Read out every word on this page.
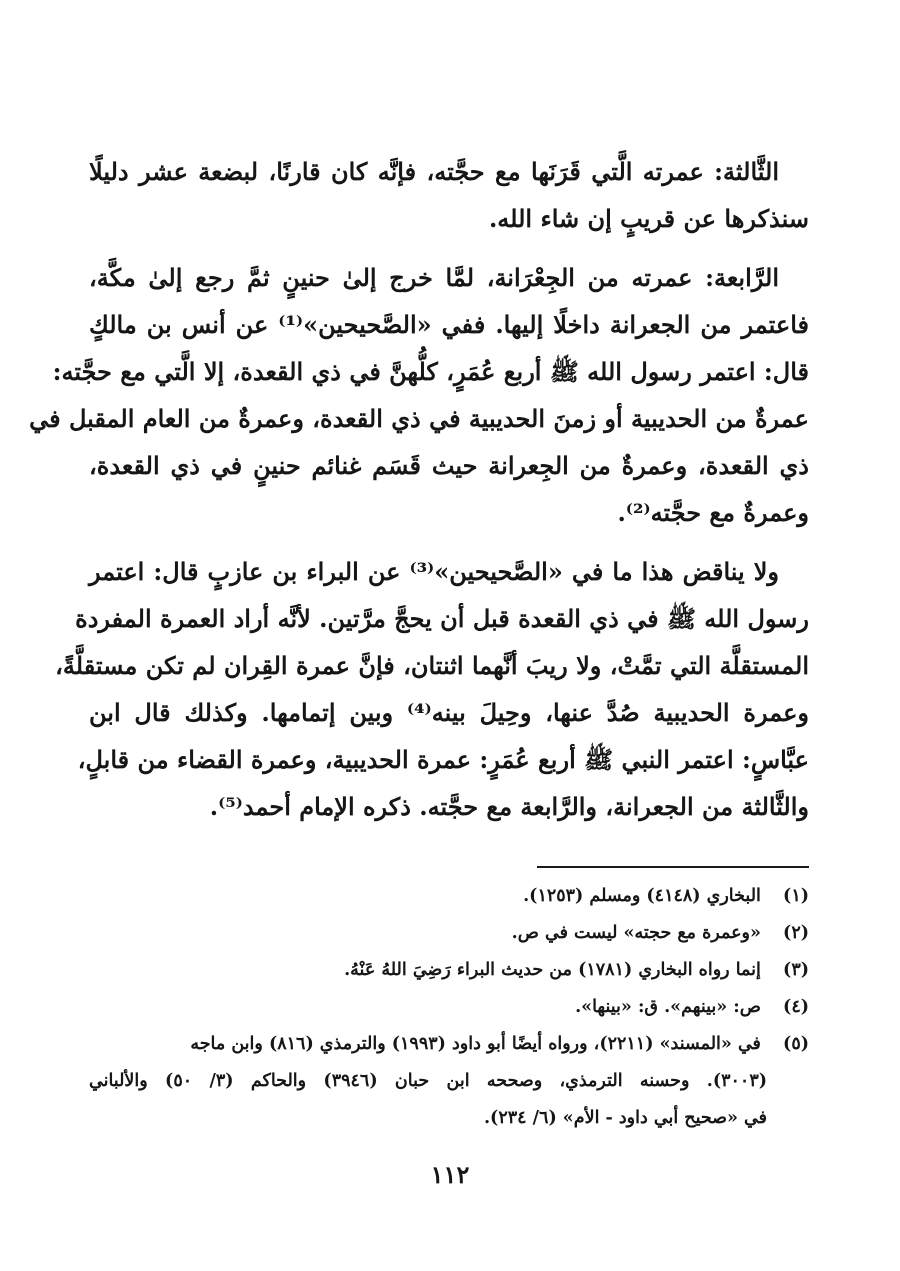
الثَّالثة: عمرته الَّتي قَرَنَها مع حجَّته، فإنَّه كان قارنًا، لبضعة عشر دليلًا
سنذكرها عن قريبٍ إن شاء الله.
الرَّابعة: عمرته من الجِعْرَانة، لمَّا خرج إلىٰ حنينٍ ثمَّ رجع إلىٰ مكَّة،
فاعتمر من الجعرانة داخلًا إليها. ففي «الصَّحيحين»⁽¹⁾ عن أنس بن مالكٍ
قال: اعتمر رسول الله ﷺ أربع عُمَرٍ، كلُّهنَّ في ذي القعدة، إلا الَّتي مع حجَّته:
عمرةٌ من الحديبية أو زمنَ الحديبية في ذي القعدة، وعمرةٌ من العام المقبل في
ذي القعدة، وعمرةٌ من الجِعرانة حيث قَسَم غنائم حنينٍ في ذي القعدة،
وعمرةٌ مع حجَّته⁽²⁾.
ولا يناقض هذا ما في «الصَّحيحين»⁽³⁾ عن البراء بن عازبٍ قال: اعتمر
رسول الله ﷺ في ذي القعدة قبل أن يحجَّ مرَّتين. لأنَّه أراد العمرة المفردة
المستقلَّة التي تمَّتْ، ولا ريبَ أنَّهما اثنتان، فإنَّ عمرة القِران لم تكن مستقلَّةً،
وعمرة الحديبية صُدَّ عنها، وحِيلَ بينه⁽⁴⁾ وبين إتمامها. وكذلك قال ابن
عبَّاسٍ: اعتمر النبي ﷺ أربع عُمَرٍ: عمرة الحديبية، وعمرة القضاء من قابلٍ،
والثَّالثة من الجعرانة، والرَّابعة مع حجَّته. ذكره الإمام أحمد⁽⁵⁾.
(١) البخاري (٤١٤٨) ومسلم (١٢٥٣).
(٢) «وعمرة مع حجته» ليست في ص.
(٣) إنما رواه البخاري (١٧٨١) من حديث البراء رَضِيَ اللهُ عَنْهُ.
(٤) ص: «بينهم». ق: «بينها».
(٥) في «المسند» (٢٢١١)، ورواه أيضًا أبو داود (١٩٩٣) والترمذي (٨١٦) وابن ماجه
(٣٠٠٣). وحسنه الترمذي، وصححه ابن حبان (٣٩٤٦) والحاكم (٣/ ٥٠) والألباني
في «صحيح أبي داود - الأم» (٦/ ٢٣٤).
١١٢
